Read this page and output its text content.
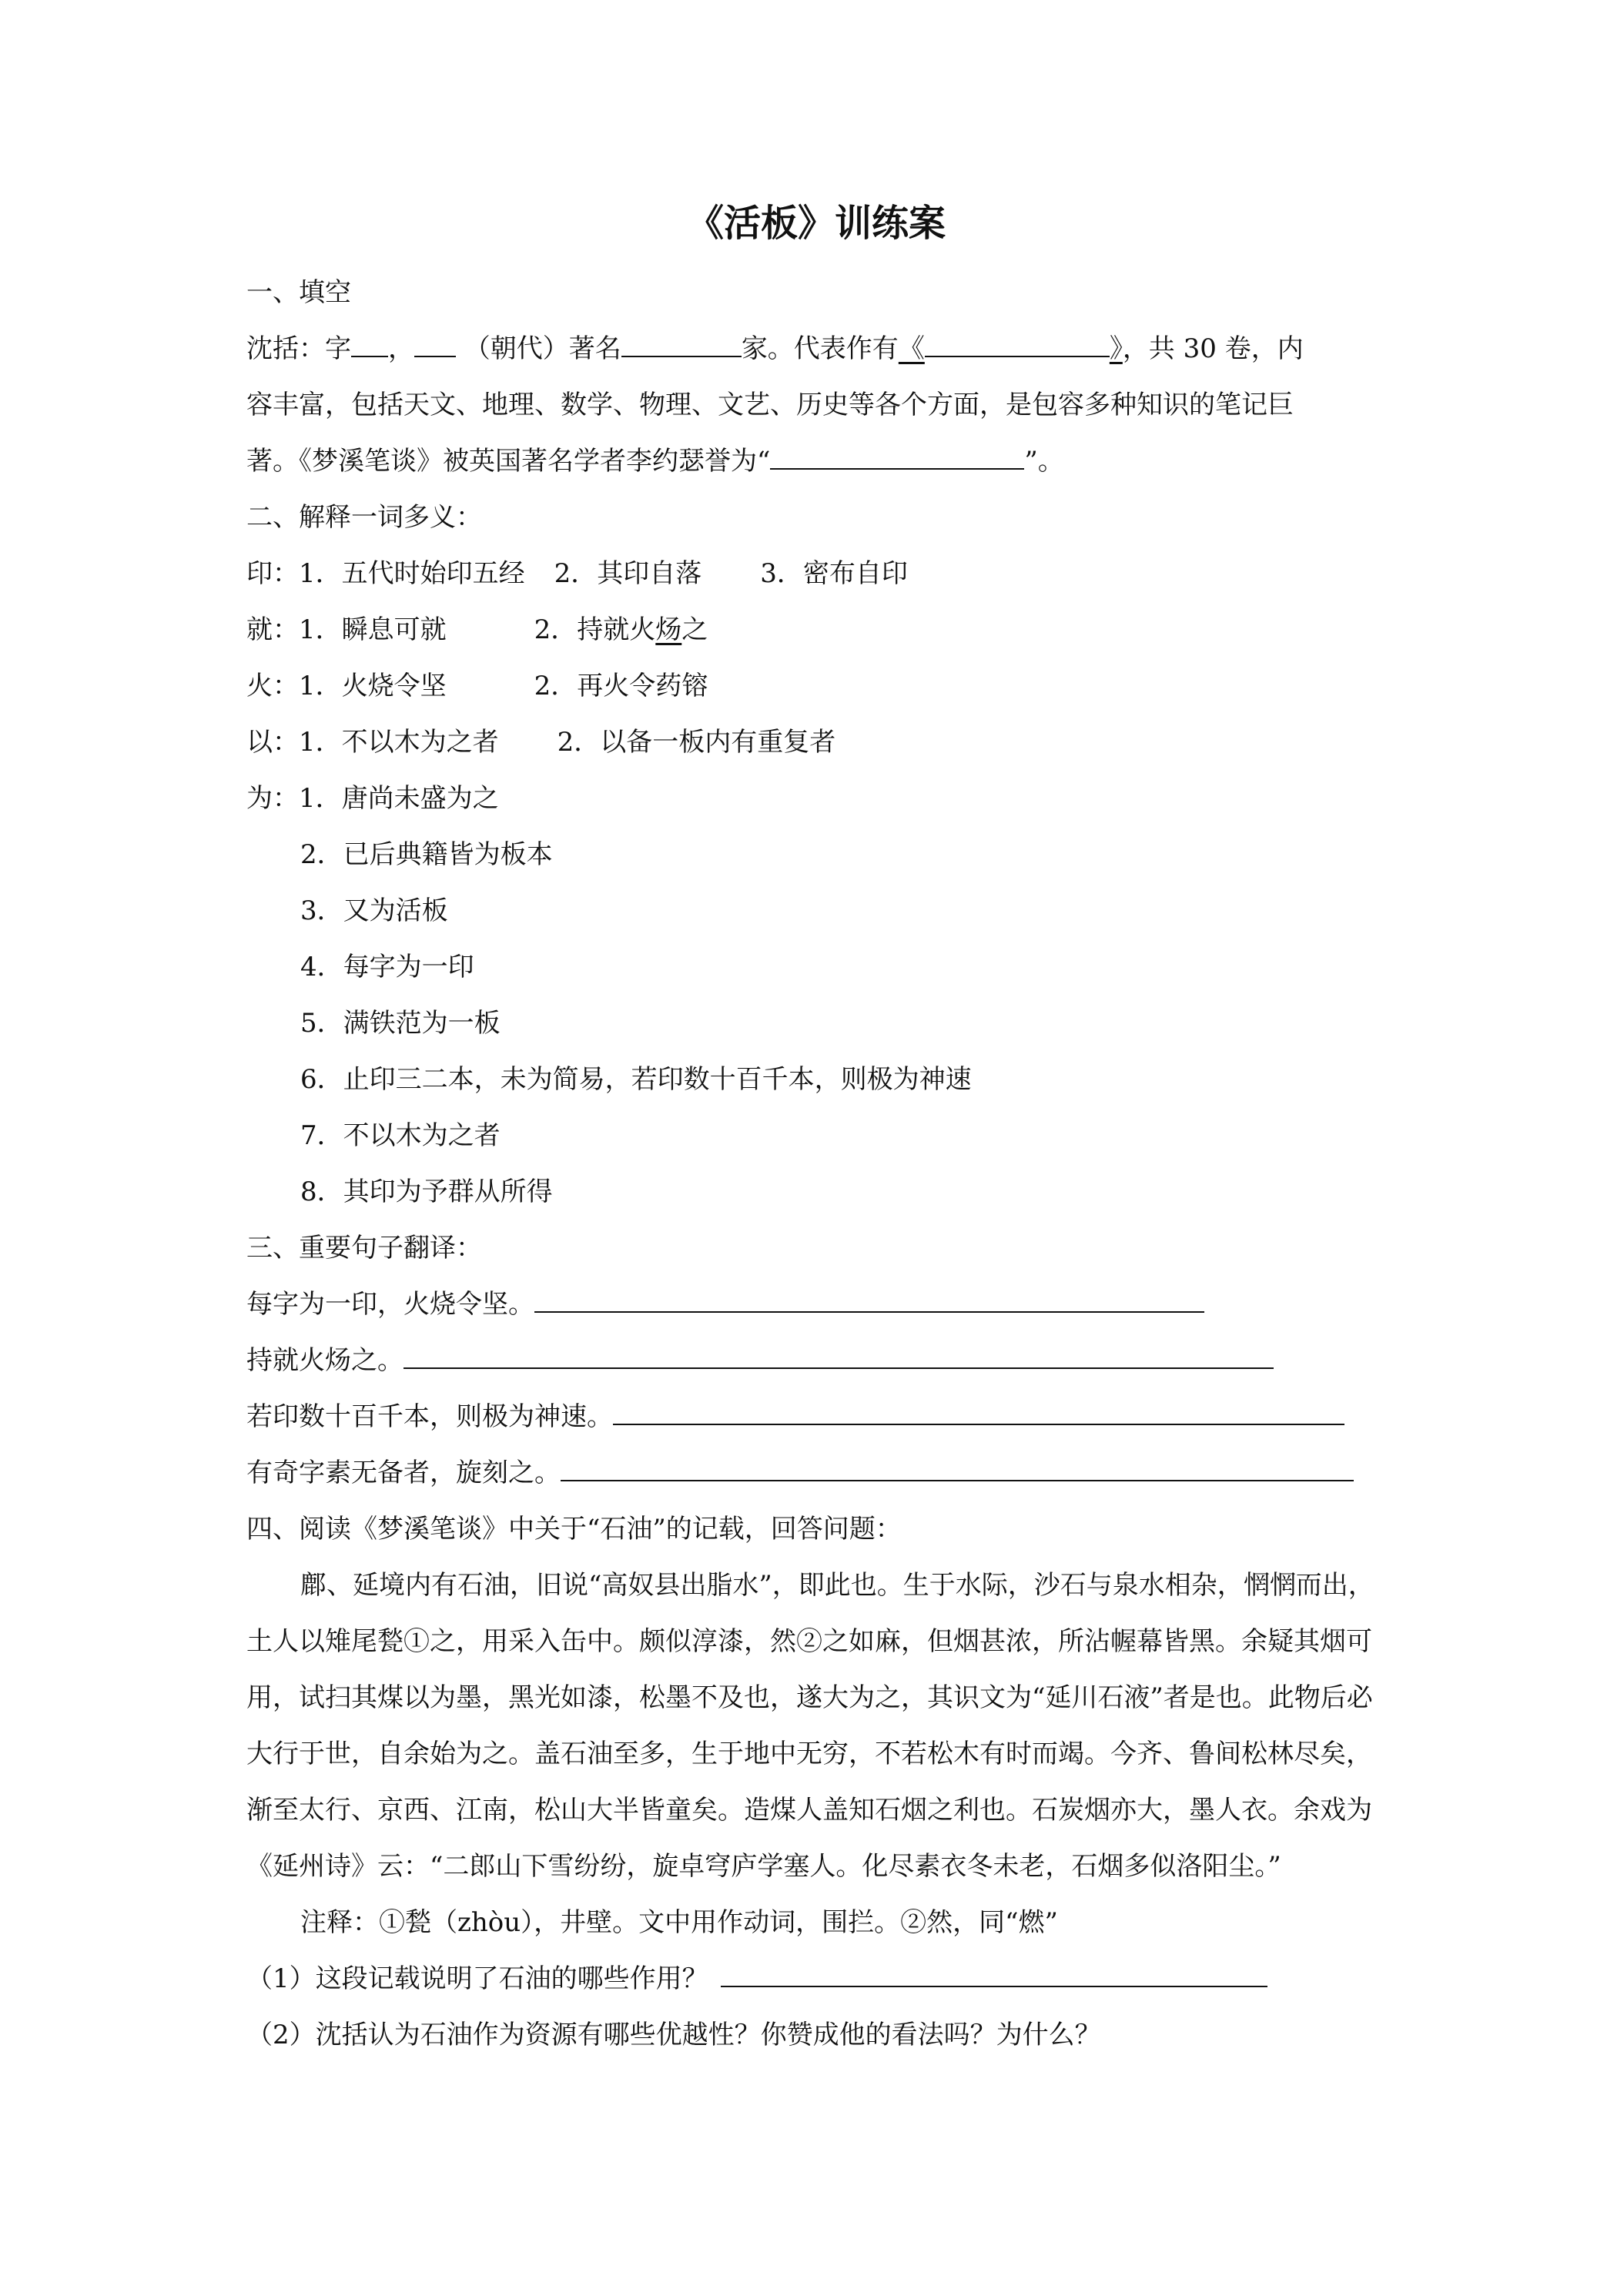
《活板》训练案
一、填空
沈括：字 ， （朝代）著名	家。代表作有《	》，共 30 卷，内
容丰富，包括天文、地理、数学、物理、文艺、历史等各个方面，是包容多种知识的笔记巨
著。《梦溪笔谈》被英国著名学者李约瑟誉为“	”。
二、解释一词多义：
印：1．五代时始印五经 2．其印自落 3．密布自印
就：1．瞬息可就	2．持就火炀之
火：1．火烧令坚	2．再火令药镕
以：1．不以木为之者 2．以备一板内有重复者
为：1．唐尚未盛为之
2．已后典籍皆为板本
3．又为活板
4．每字为一印
5．满铁范为一板
6．止印三二本，未为简易，若印数十百千本，则极为神速
7．不以木为之者
8．其印为予群从所得
三、重要句子翻译：
每字为一印，火烧令坚。
持就火炀之。
若印数十百千本，则极为神速。
有奇字素无备者，旋刻之。
四、阅读《梦溪笔谈》中关于“石油”的记载，回答问题：
鄜、延境内有石油，旧说“高奴县出脂水”，即此也。生于水际，沙石与泉水相杂，惘惘而出，土人以雉尾甃①之，用采入缶中。颇似淳漆，然②之如麻，但烟甚浓，所沾幄幕皆黑。余疑其烟可用，试扫其煤以为墨，黑光如漆，松墨不及也，遂大为之，其识文为“延川石液”者是也。此物后必大行于世，自余始为之。盖石油至多，生于地中无穷，不若松木有时而竭。今齐、鲁间松林尽矣，渐至太行、京西、江南，松山大半皆童矣。造煤人盖知石烟之利也。石炭烟亦大，墨人衣。余戏为《延州诗》云：“二郎山下雪纷纷，旋卓穹庐学塞人。化尽素衣冬未老，石烟多似洛阳尘。”
注释：①甃（zhòu），井壁。文中用作动词，围拦。②然，同“燃”
（1）这段记载说明了石油的哪些作用？
（2）沈括认为石油作为资源有哪些优越性？你赞成他的看法吗？为什么？
